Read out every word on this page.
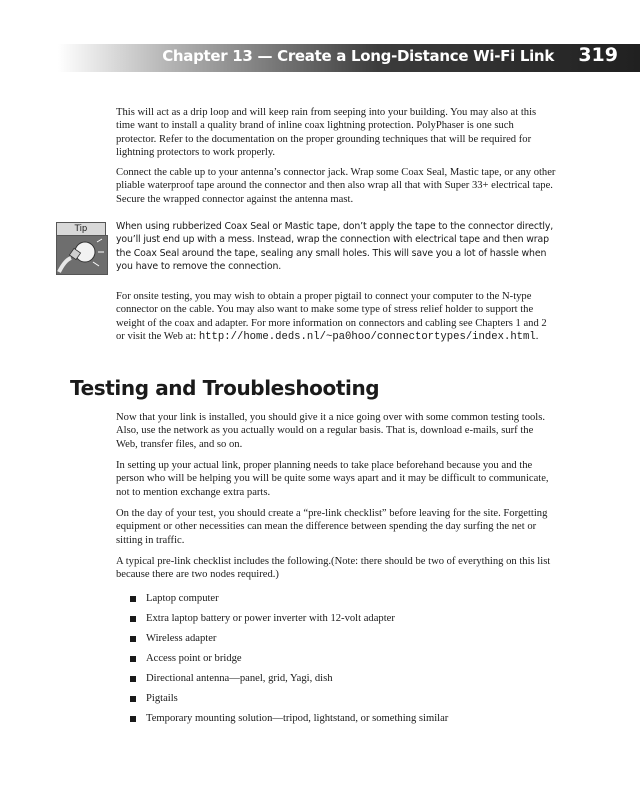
Chapter 13 — Create a Long-Distance Wi-Fi Link 319

This will act as a drip loop and will keep rain from seeping into your building. You may also at this time want to install a quality brand of inline coax lightning protection. PolyPhaser is one such protector. Refer to the documentation on the proper grounding techniques that will be required for lightning protectors to work properly.

Connect the cable up to your antenna’s connector jack. Wrap some Coax Seal, Mastic tape, or any other pliable waterproof tape around the connector and then also wrap all that with Super 33+ electrical tape. Secure the wrapped connector against the antenna mast.

Tip	When using rubberized Coax Seal or Mastic tape, don’t apply the tape to the connector directly, you’ll just end up with a mess. Instead, wrap the connection with electrical tape and then wrap the Coax Seal around the tape, sealing any small holes. This will save you a lot of hassle when you have to remove the connection.

For onsite testing, you may wish to obtain a proper pigtail to connect your computer to the N-type connector on the cable. You may also want to make some type of stress relief holder to support the weight of the coax and adapter. For more information on connectors and cabling see Chapters 1 and 2 or visit the Web at: http://home.deds.nl/~pa0hoo/connectortypes/index.html.

Testing and Troubleshooting

Now that your link is installed, you should give it a nice going over with some common testing tools. Also, use the network as you actually would on a regular basis. That is, download e-mails, surf the Web, transfer files, and so on.

In setting up your actual link, proper planning needs to take place beforehand because you and the person who will be helping you will be quite some ways apart and it may be difficult to communicate, not to mention exchange extra parts.

On the day of your test, you should create a “pre-link checklist” before leaving for the site. Forgetting equipment or other necessities can mean the difference between spending the day surfing the net or sitting in traffic.

A typical pre-link checklist includes the following.(Note: there should be two of everything on this list because there are two nodes required.)

Laptop computer
Extra laptop battery or power inverter with 12-volt adapter
Wireless adapter
Access point or bridge
Directional antenna—panel, grid, Yagi, dish
Pigtails
Temporary mounting solution—tripod, lightstand, or something similar
